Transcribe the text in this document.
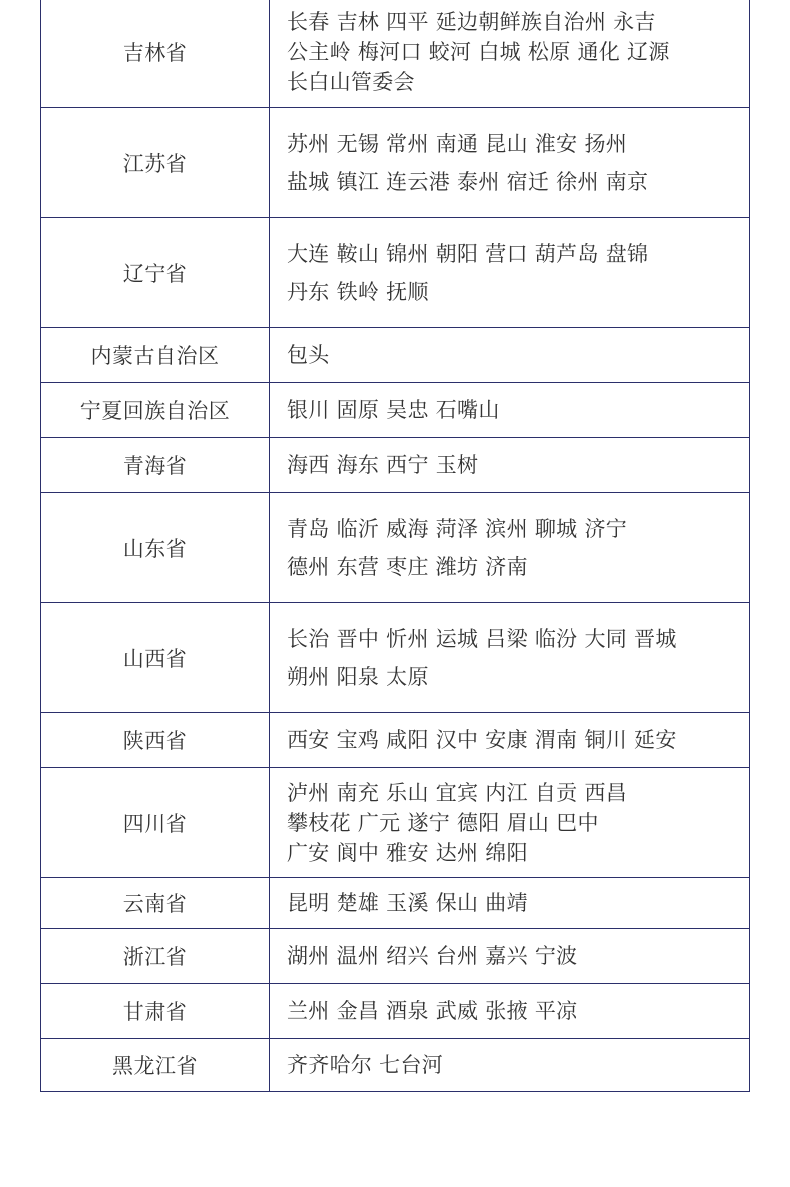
吉林省	长春 吉林 四平 延边朝鲜族自治州 永吉
公主岭 梅河口 蛟河 白城 松原 通化 辽源
长白山管委会
江苏省	苏州 无锡 常州 南通 昆山 淮安 扬州
盐城 镇江 连云港 泰州 宿迁 徐州 南京
辽宁省	大连 鞍山 锦州 朝阳 营口 葫芦岛 盘锦
丹东 铁岭 抚顺
内蒙古自治区	包头
宁夏回族自治区	银川 固原 吴忠 石嘴山
青海省	海西 海东 西宁 玉树
山东省	青岛 临沂 威海 菏泽 滨州 聊城 济宁
德州 东营 枣庄 潍坊 济南
山西省	长治 晋中 忻州 运城 吕梁 临汾 大同 晋城
朔州 阳泉 太原
陕西省	西安 宝鸡 咸阳 汉中 安康 渭南 铜川 延安
四川省	泸州 南充 乐山 宜宾 内江 自贡 西昌
攀枝花 广元 遂宁 德阳 眉山 巴中
广安 阆中 雅安 达州 绵阳
云南省	昆明 楚雄 玉溪 保山 曲靖
浙江省	湖州 温州 绍兴 台州 嘉兴 宁波
甘肃省	兰州 金昌 酒泉 武威 张掖 平凉
黑龙江省	齐齐哈尔 七台河
